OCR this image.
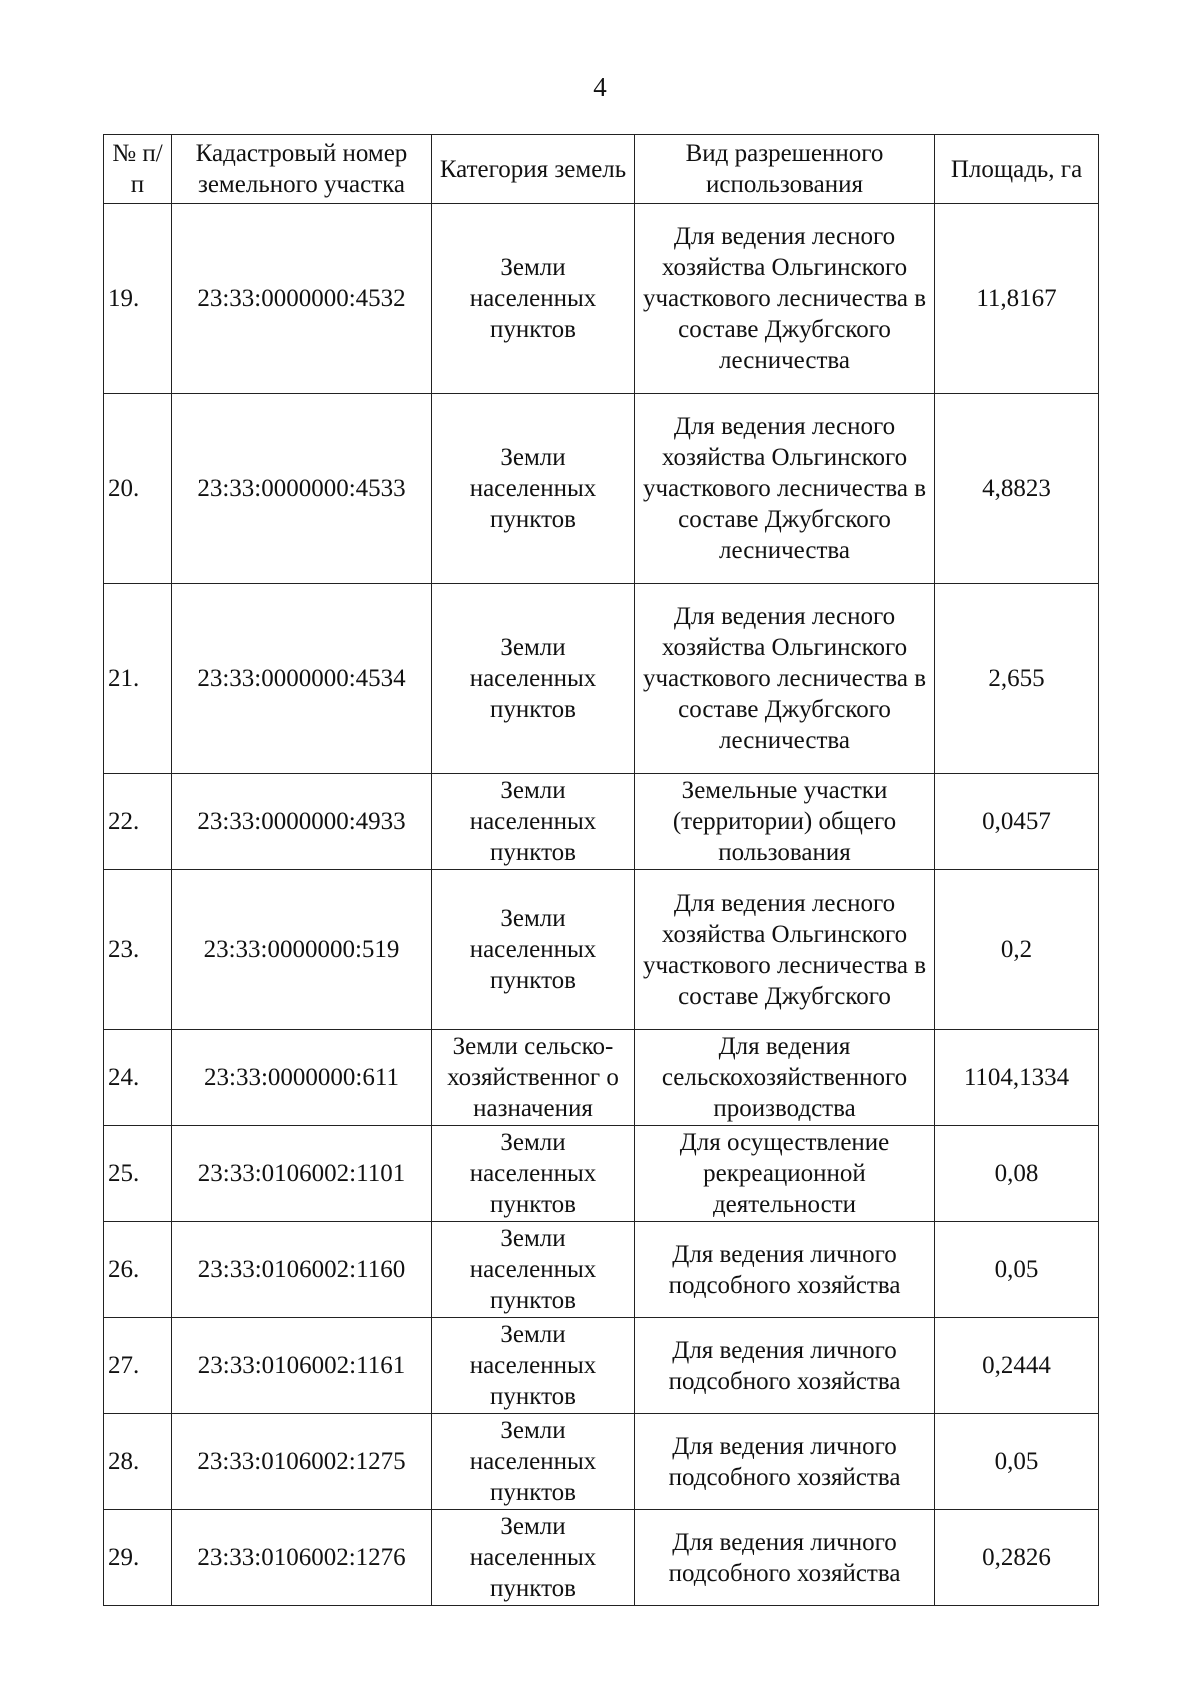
4
№ п/п	Кадастровый номер земельного участка	Категория земель	Вид разрешенного использования	Площадь, га
19.	23:33:0000000:4532	Земли населенных пунктов	Для ведения лесного хозяйства Ольгинского участкового лесничества в составе Джубгского лесничества	11,8167
20.	23:33:0000000:4533	Земли населенных пунктов	Для ведения лесного хозяйства Ольгинского участкового лесничества в составе Джубгского лесничества	4,8823
21.	23:33:0000000:4534	Земли населенных пунктов	Для ведения лесного хозяйства Ольгинского участкового лесничества в составе Джубгского лесничества	2,655
22.	23:33:0000000:4933	Земли населенных пунктов	Земельные участки (территории) общего пользования	0,0457
23.	23:33:0000000:519	Земли населенных пунктов	Для ведения лесного хозяйства Ольгинского участкового лесничества в составе Джубгского	0,2
24.	23:33:0000000:611	Земли сельско-хозяйственног о назначения	Для ведения сельскохозяйственного производства	1104,1334
25.	23:33:0106002:1101	Земли населенных пунктов	Для осуществление рекреационной деятельности	0,08
26.	23:33:0106002:1160	Земли населенных пунктов	Для ведения личного подсобного хозяйства	0,05
27.	23:33:0106002:1161	Земли населенных пунктов	Для ведения личного подсобного хозяйства	0,2444
28.	23:33:0106002:1275	Земли населенных пунктов	Для ведения личного подсобного хозяйства	0,05
29.	23:33:0106002:1276	Земли населенных пунктов	Для ведения личного подсобного хозяйства	0,2826
